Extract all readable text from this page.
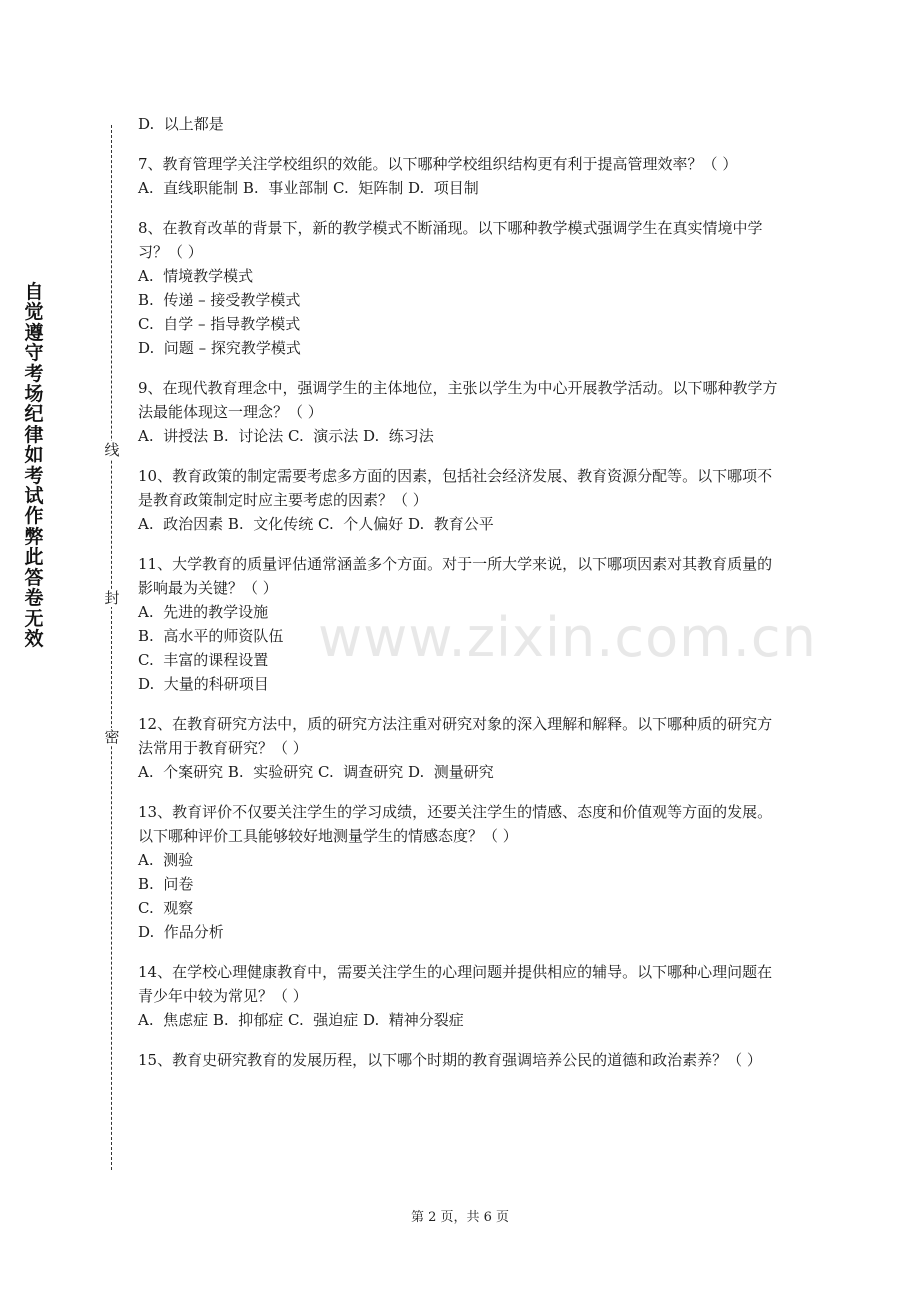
自觉遵守考场纪律如考试作弊此答卷无效
线
封
密
D.  以上都是
7、教育管理学关注学校组织的效能。以下哪种学校组织结构更有利于提高管理效率？（ ）
A.  直线职能制 B.  事业部制 C.  矩阵制 D.  项目制
8、在教育改革的背景下，新的教学模式不断涌现。以下哪种教学模式强调学生在真实情境中学习？（ ）
A.  情境教学模式
B.  传递 – 接受教学模式
C.  自学 – 指导教学模式
D.  问题 – 探究教学模式
9、在现代教育理念中，强调学生的主体地位，主张以学生为中心开展教学活动。以下哪种教学方法最能体现这一理念？（ ）
A.  讲授法 B.  讨论法 C.  演示法 D.  练习法
10、教育政策的制定需要考虑多方面的因素，包括社会经济发展、教育资源分配等。以下哪项不是教育政策制定时应主要考虑的因素？（ ）
A.  政治因素 B.  文化传统 C.  个人偏好 D.  教育公平
11、大学教育的质量评估通常涵盖多个方面。对于一所大学来说，以下哪项因素对其教育质量的影响最为关键？（ ）
A.  先进的教学设施
B.  高水平的师资队伍
C.  丰富的课程设置
D.  大量的科研项目
12、在教育研究方法中，质的研究方法注重对研究对象的深入理解和解释。以下哪种质的研究方法常用于教育研究？（ ）
A.  个案研究 B.  实验研究 C.  调查研究 D.  测量研究
13、教育评价不仅要关注学生的学习成绩，还要关注学生的情感、态度和价值观等方面的发展。以下哪种评价工具能够较好地测量学生的情感态度？（ ）
A.  测验
B.  问卷
C.  观察
D.  作品分析
14、在学校心理健康教育中，需要关注学生的心理问题并提供相应的辅导。以下哪种心理问题在青少年中较为常见？（ ）
A.  焦虑症 B.  抑郁症 C.  强迫症 D.  精神分裂症
15、教育史研究教育的发展历程，以下哪个时期的教育强调培养公民的道德和政治素养？（ ）
www.zixin.com.cn
第 2 页，共 6 页
